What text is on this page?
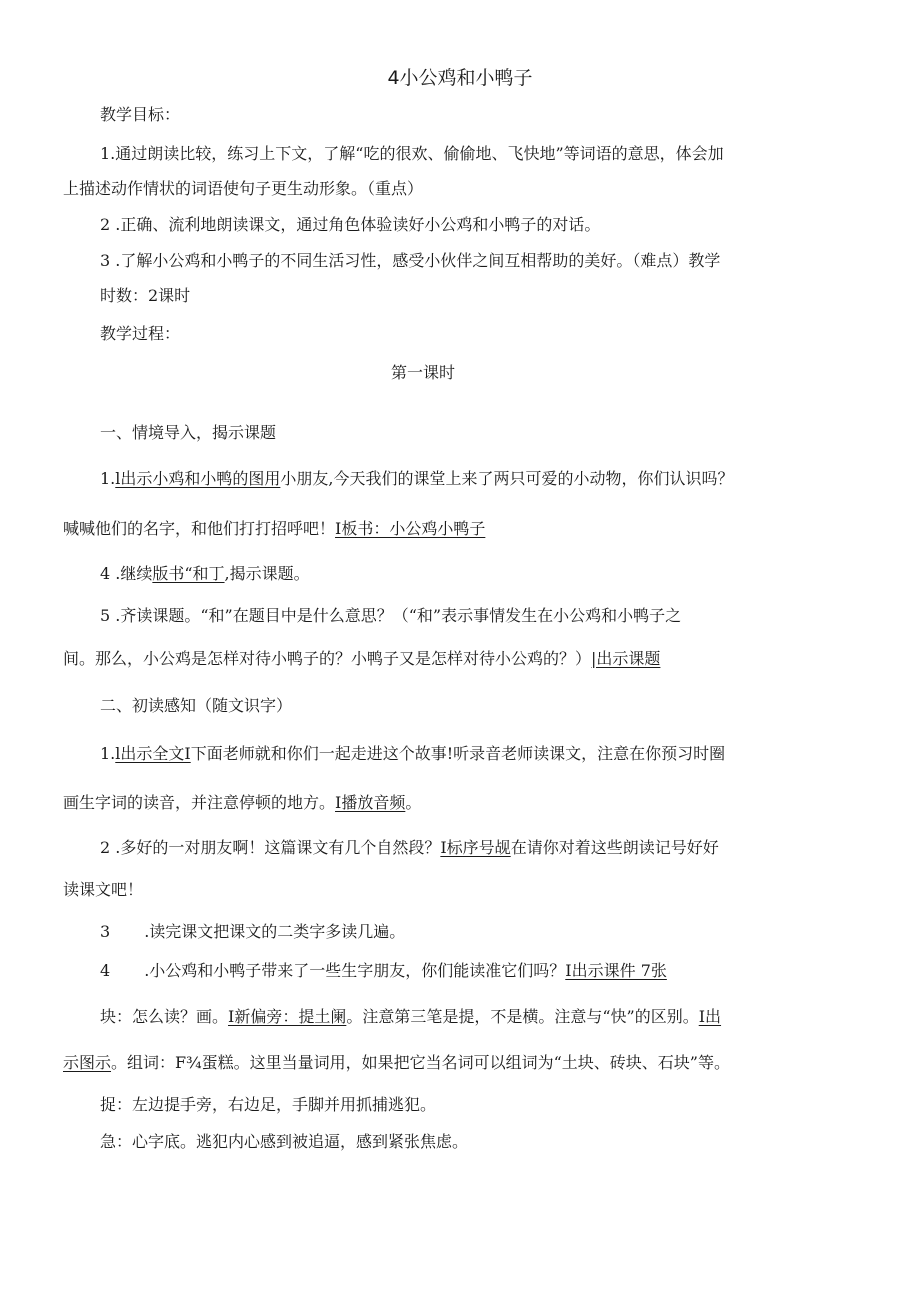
4小公鸡和小鸭子
教学目标：
1.通过朗读比较，练习上下文，了解“吃的很欢、偷偷地、飞快地”等词语的意思，体会加
上描述动作情状的词语使句子更生动形象。（重点）
2 .正确、流利地朗读课文，通过角色体验读好小公鸡和小鸭子的对话。
3 .了解小公鸡和小鸭子的不同生活习性，感受小伙伴之间互相帮助的美好。（难点）教学
时数：2课时
教学过程：
第一课时
一、情境导入，揭示课题
1.l出示小鸡和小鸭的图用小朋友,今天我们的课堂上来了两只可爱的小动物，你们认识吗？
喊喊他们的名字，和他们打打招呼吧！I板书：小公鸡小鸭子
4 .继续版书“和丁,揭示课题。
5 .齐读课题。“和”在题目中是什么意思？（“和”表示事情发生在小公鸡和小鸭子之
间。那么，小公鸡是怎样对待小鸭子的？小鸭子又是怎样对待小公鸡的？）|出示课题
二、初读感知（随文识字）
1.l出示全文I下面老师就和你们一起走进这个故事!听录音老师读课文，注意在你预习时圈
画生字词的读音，并注意停顿的地方。I播放音频。
2 .多好的一对朋友啊！这篇课文有几个自然段？I标序号觇在请你对着这些朗读记号好好
读课文吧！
3 .读完课文把课文的二类字多读几遍。
4 .小公鸡和小鸭子带来了一些生字朋友，你们能读准它们吗？I出示课件 7张
块：怎么读？画。I新偏旁：提土阑。注意第三笔是提，不是横。注意与“快”的区别。I出
示图示。组词：F¾蛋糕。这里当量词用，如果把它当名词可以组词为“土块、砖块、石块”等。
捉：左边提手旁，右边足，手脚并用抓捕逃犯。
急：心字底。逃犯内心感到被追逼，感到紧张焦虑。
